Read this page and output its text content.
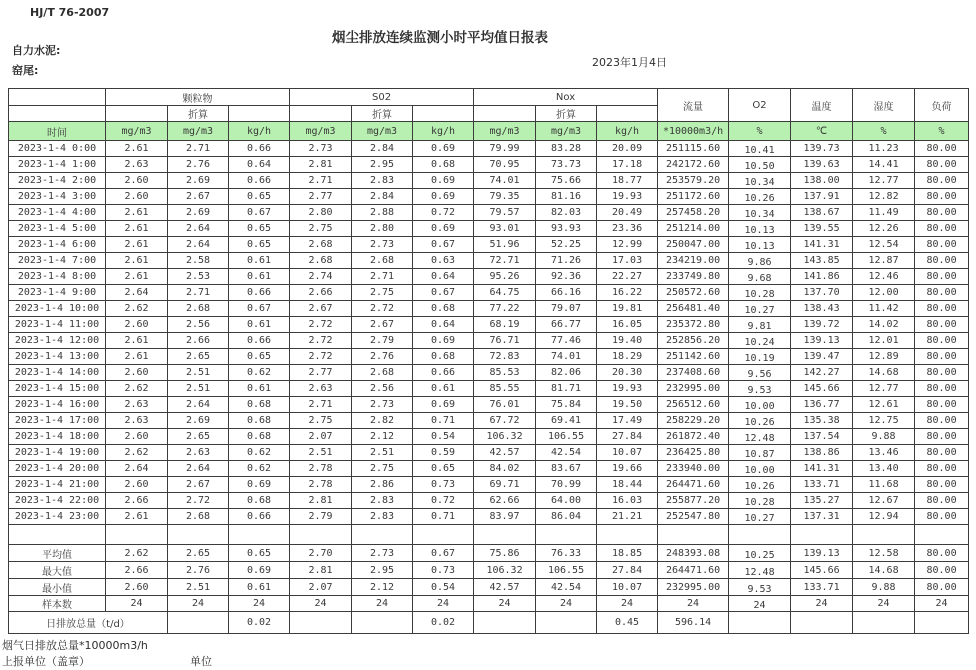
HJ/T 76-2007
烟尘排放连续监测小时平均值日报表
自力水泥:
窑尾:
2023年1月4日
	颗粒物			S02			Nox			流量	O2	温度	湿度	负荷
		折算			折算			折算						
时间	mg/m3	mg/m3	kg/h	mg/m3	mg/m3	kg/h	mg/m3	mg/m3	kg/h	*10000m3/h	%	℃	%	%
2023-1-4 0:00	2.61	2.71	0.66	2.73	2.84	0.69	79.99	83.28	20.09	251115.60	10.41	139.73	11.23	80.00
2023-1-4 1:00	2.63	2.76	0.64	2.81	2.95	0.68	70.95	73.73	17.18	242172.60	10.50	139.63	14.41	80.00
2023-1-4 2:00	2.60	2.69	0.66	2.71	2.83	0.69	74.01	75.66	18.77	253579.20	10.34	138.00	12.77	80.00
2023-1-4 3:00	2.60	2.67	0.65	2.77	2.84	0.69	79.35	81.16	19.93	251172.60	10.26	137.91	12.82	80.00
2023-1-4 4:00	2.61	2.69	0.67	2.80	2.88	0.72	79.57	82.03	20.49	257458.20	10.34	138.67	11.49	80.00
2023-1-4 5:00	2.61	2.64	0.65	2.75	2.80	0.69	93.01	93.93	23.36	251214.00	10.13	139.55	12.26	80.00
2023-1-4 6:00	2.61	2.64	0.65	2.68	2.73	0.67	51.96	52.25	12.99	250047.00	10.13	141.31	12.54	80.00
2023-1-4 7:00	2.61	2.58	0.61	2.68	2.68	0.63	72.71	71.26	17.03	234219.00	9.86	143.85	12.87	80.00
2023-1-4 8:00	2.61	2.53	0.61	2.74	2.71	0.64	95.26	92.36	22.27	233749.80	9.68	141.86	12.46	80.00
2023-1-4 9:00	2.64	2.71	0.66	2.66	2.75	0.67	64.75	66.16	16.22	250572.60	10.28	137.70	12.00	80.00
2023-1-4 10:00	2.62	2.68	0.67	2.67	2.72	0.68	77.22	79.07	19.81	256481.40	10.27	138.43	11.42	80.00
2023-1-4 11:00	2.60	2.56	0.61	2.72	2.67	0.64	68.19	66.77	16.05	235372.80	9.81	139.72	14.02	80.00
2023-1-4 12:00	2.61	2.66	0.66	2.72	2.79	0.69	76.71	77.46	19.40	252856.20	10.24	139.13	12.01	80.00
2023-1-4 13:00	2.61	2.65	0.65	2.72	2.76	0.68	72.83	74.01	18.29	251142.60	10.19	139.47	12.89	80.00
2023-1-4 14:00	2.60	2.51	0.62	2.77	2.68	0.66	85.53	82.06	20.30	237408.60	9.56	142.27	14.68	80.00
2023-1-4 15:00	2.62	2.51	0.61	2.63	2.56	0.61	85.55	81.71	19.93	232995.00	9.53	145.66	12.77	80.00
2023-1-4 16:00	2.63	2.64	0.68	2.71	2.73	0.69	76.01	75.84	19.50	256512.60	10.00	136.77	12.61	80.00
2023-1-4 17:00	2.63	2.69	0.68	2.75	2.82	0.71	67.72	69.41	17.49	258229.20	10.26	135.38	12.75	80.00
2023-1-4 18:00	2.60	2.65	0.68	2.07	2.12	0.54	106.32	106.55	27.84	261872.40	12.48	137.54	9.88	80.00
2023-1-4 19:00	2.62	2.63	0.62	2.51	2.51	0.59	42.57	42.54	10.07	236425.80	10.87	138.86	13.46	80.00
2023-1-4 20:00	2.64	2.64	0.62	2.78	2.75	0.65	84.02	83.67	19.66	233940.00	10.00	141.31	13.40	80.00
2023-1-4 21:00	2.60	2.67	0.69	2.78	2.86	0.73	69.71	70.99	18.44	264471.60	10.26	133.71	11.68	80.00
2023-1-4 22:00	2.66	2.72	0.68	2.81	2.83	0.72	62.66	64.00	16.03	255877.20	10.28	135.27	12.67	80.00
2023-1-4 23:00	2.61	2.68	0.66	2.79	2.83	0.71	83.97	86.04	21.21	252547.80	10.27	137.31	12.94	80.00

平均值	2.62	2.65	0.65	2.70	2.73	0.67	75.86	76.33	18.85	248393.08	10.25	139.13	12.58	80.00
最大值	2.66	2.76	0.69	2.81	2.95	0.73	106.32	106.55	27.84	264471.60	12.48	145.66	14.68	80.00
最小值	2.60	2.51	0.61	2.07	2.12	0.54	42.57	42.54	10.07	232995.00	9.53	133.71	9.88	80.00
样本数	24	24	24	24	24	24	24	24	24	24	24	24	24	24
日排放总量（t/d）			0.02			0.02			0.45	596.14				
烟气日排放总量*10000m3/h
上报单位（盖章）	单位
